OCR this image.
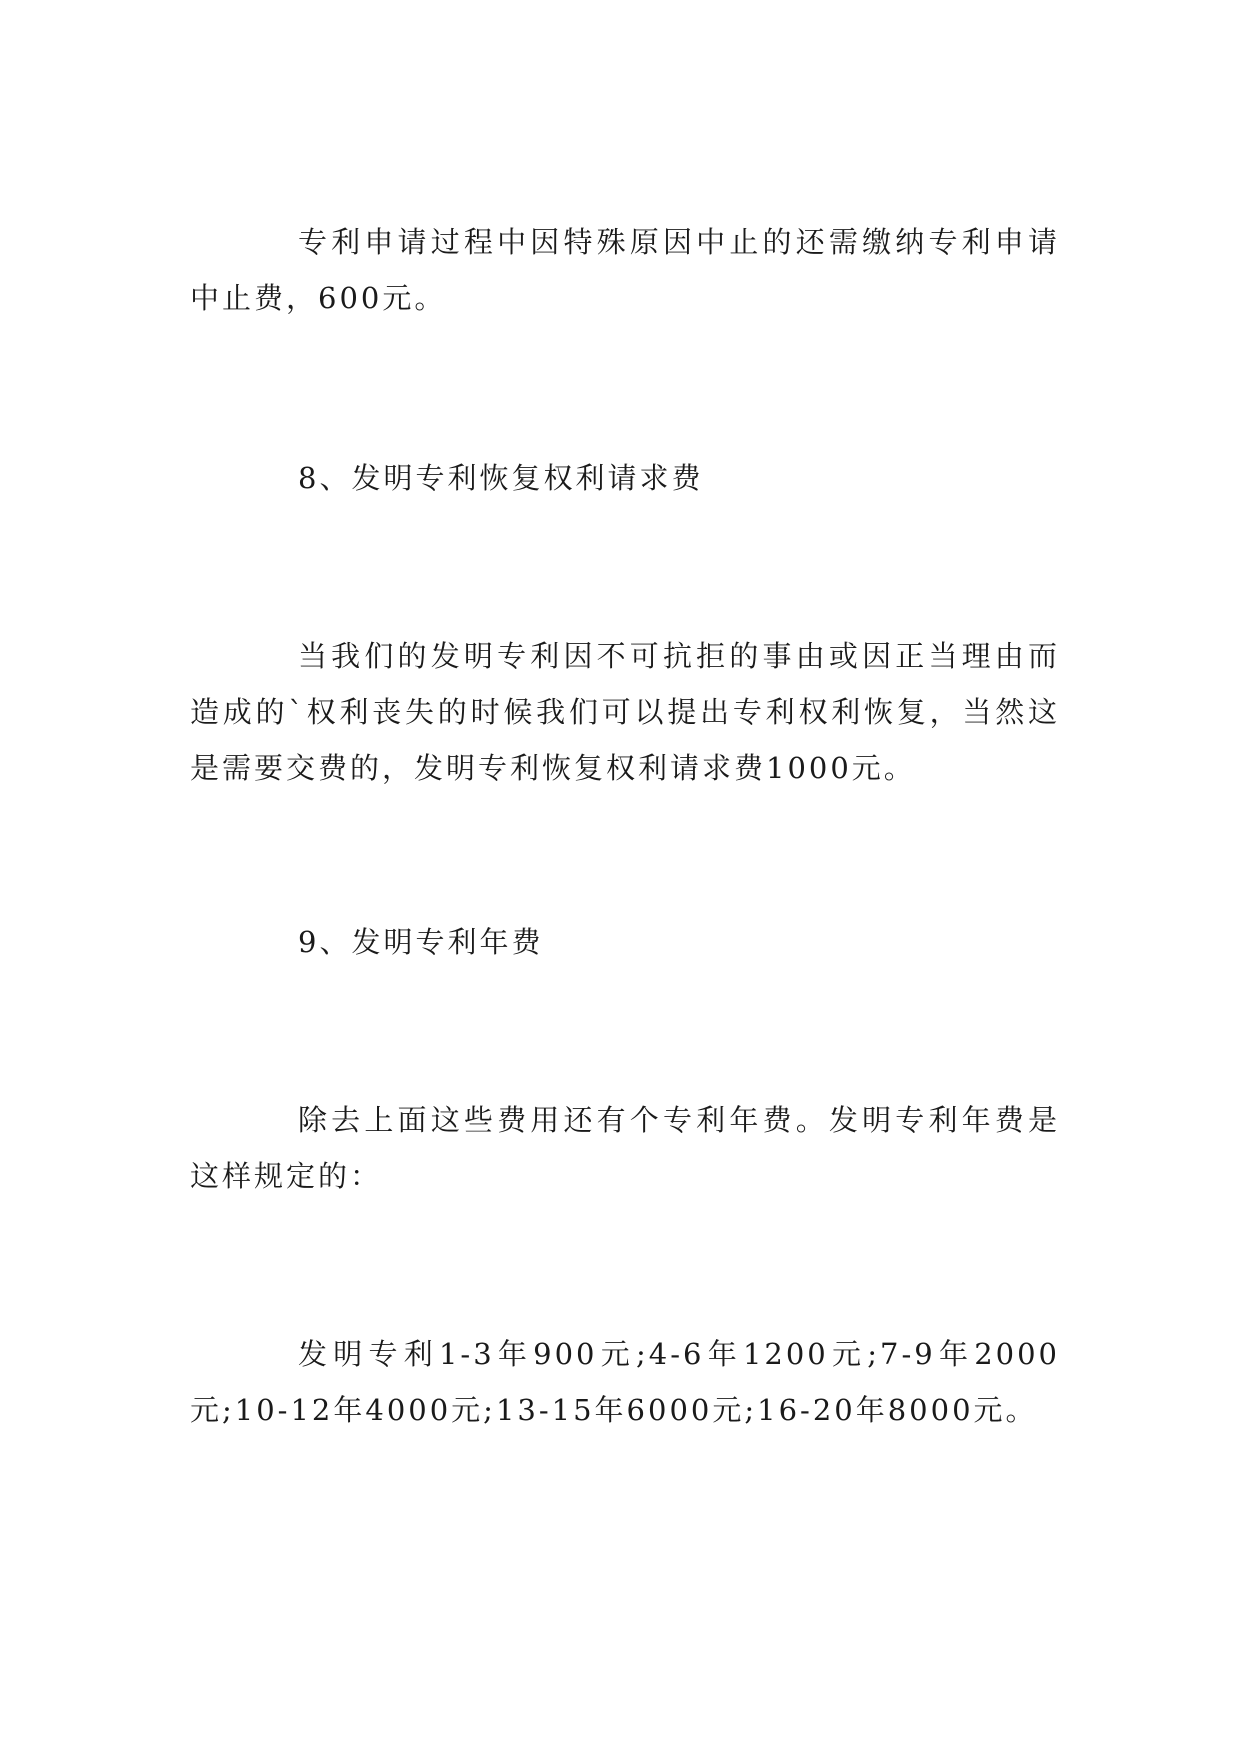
专利申请过程中因特殊原因中止的还需缴纳专利申请中止费，600元。

8、发明专利恢复权利请求费

当我们的发明专利因不可抗拒的事由或因正当理由而造成的`权利丧失的时候我们可以提出专利权利恢复，当然这是需要交费的，发明专利恢复权利请求费1000元。

9、发明专利年费

除去上面这些费用还有个专利年费。发明专利年费是这样规定的：

发明专利1-3年900元;4-6年1200元;7-9年2000元;10-12年4000元;13-15年6000元;16-20年8000元。
